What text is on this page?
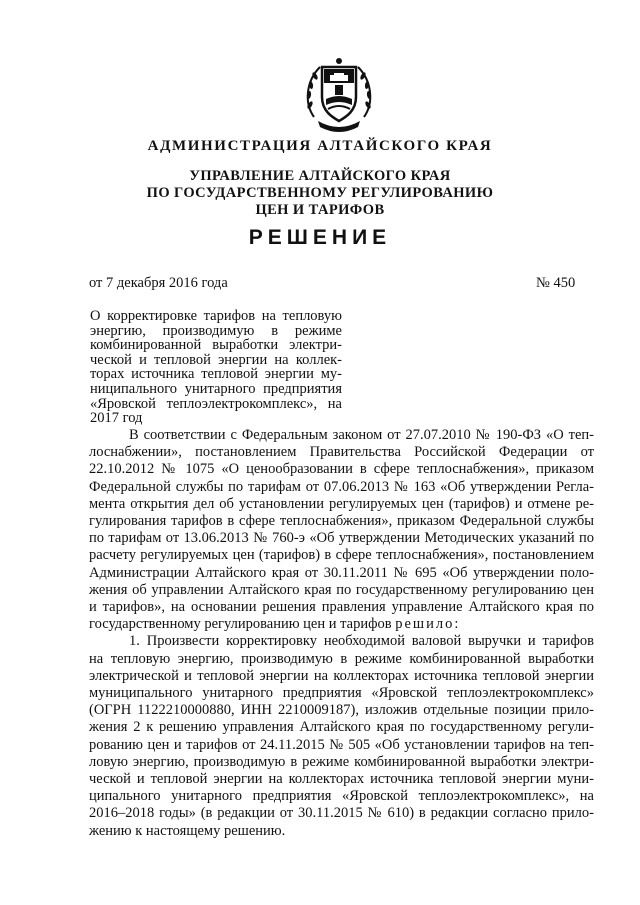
АДМИНИСТРАЦИЯ АЛТАЙСКОГО КРАЯ
УПРАВЛЕНИЕ АЛТАЙСКОГО КРАЯ
ПО ГОСУДАРСТВЕННОМУ РЕГУЛИРОВАНИЮ
ЦЕН И ТАРИФОВ
РЕШЕНИЕ
от 7 декабря 2016 года	№ 450
О корректировке тарифов на тепловую
энергию, производимую в режиме
комбинированной выработки электри-
ческой и тепловой энергии на коллек-
торах источника тепловой энергии му-
ниципального унитарного предприятия
«Яровской теплоэлектрокомплекс», на
2017 год
В соответствии с Федеральным законом от 27.07.2010 № 190-ФЗ «О теп-
лоснабжении», постановлением Правительства Российской Федерации от
22.10.2012 № 1075 «О ценообразовании в сфере теплоснабжения», приказом
Федеральной службы по тарифам от 07.06.2013 № 163 «Об утверждении Регла-
мента открытия дел об установлении регулируемых цен (тарифов) и отмене ре-
гулирования тарифов в сфере теплоснабжения», приказом Федеральной службы
по тарифам от 13.06.2013 № 760-э «Об утверждении Методических указаний по
расчету регулируемых цен (тарифов) в сфере теплоснабжения», постановлением
Администрации Алтайского края от 30.11.2011 № 695 «Об утверждении поло-
жения об управлении Алтайского края по государственному регулированию цен
и тарифов», на основании решения правления управление Алтайского края по
государственному регулированию цен и тарифов решило:
1. Произвести корректировку необходимой валовой выручки и тарифов
на тепловую энергию, производимую в режиме комбинированной выработки
электрической и тепловой энергии на коллекторах источника тепловой энергии
муниципального унитарного предприятия «Яровской теплоэлектрокомплекс»
(ОГРН 1122210000880, ИНН 2210009187), изложив отдельные позиции прило-
жения 2 к решению управления Алтайского края по государственному регули-
рованию цен и тарифов от 24.11.2015 № 505 «Об установлении тарифов на теп-
ловую энергию, производимую в режиме комбинированной выработки электри-
ческой и тепловой энергии на коллекторах источника тепловой энергии муни-
ципального унитарного предприятия «Яровской теплоэлектрокомплекс», на
2016–2018 годы» (в редакции от 30.11.2015 № 610) в редакции согласно прило-
жению к настоящему решению.
